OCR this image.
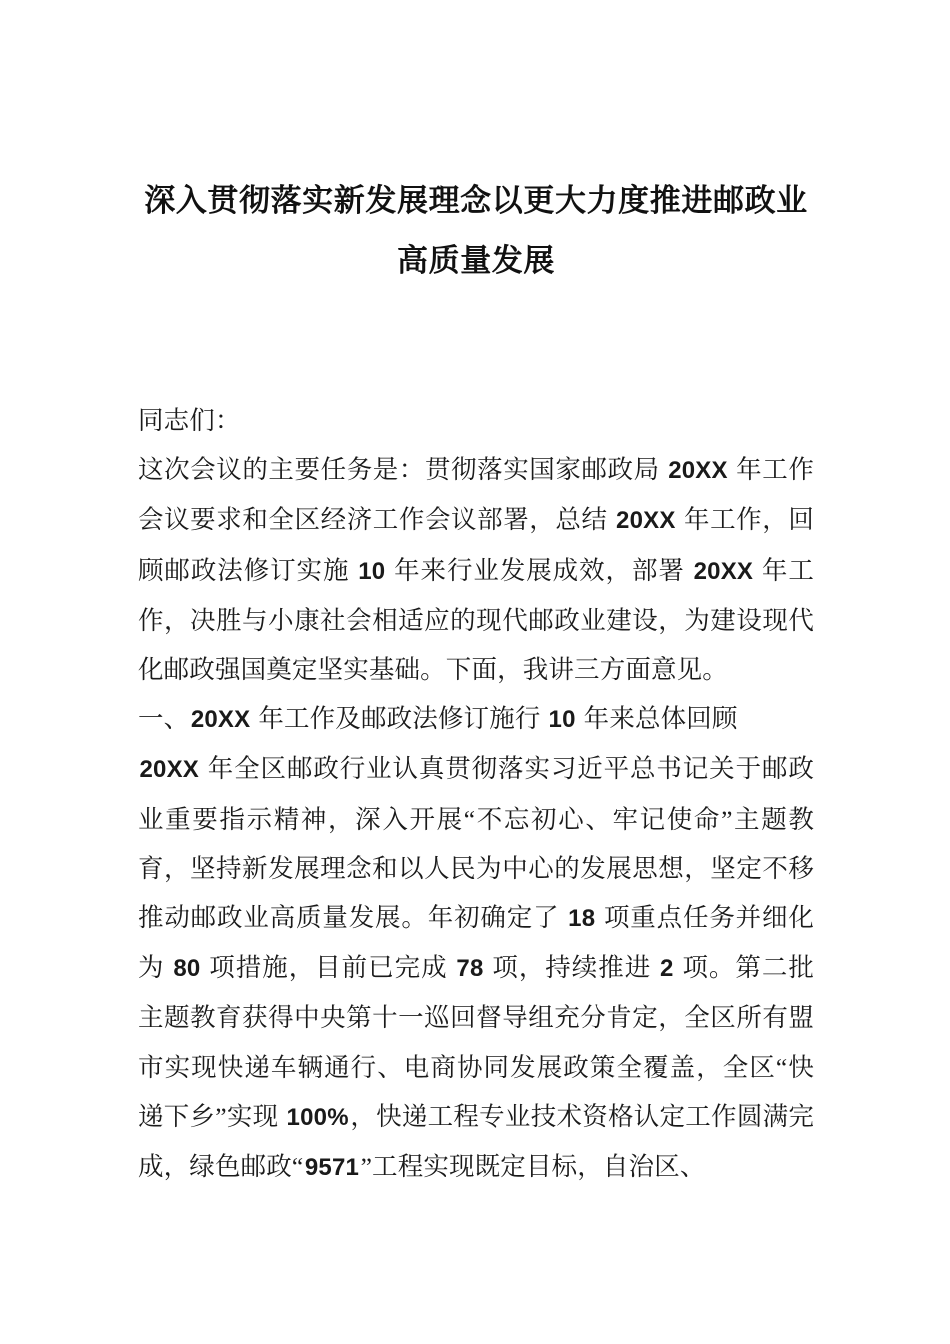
深入贯彻落实新发展理念以更大力度推进邮政业高质量发展

同志们：

这次会议的主要任务是：贯彻落实国家邮政局 20XX 年工作会议要求和全区经济工作会议部署，总结 20XX 年工作，回顾邮政法修订实施 10 年来行业发展成效，部署 20XX 年工作，决胜与小康社会相适应的现代邮政业建设，为建设现代化邮政强国奠定坚实基础。下面，我讲三方面意见。

一、20XX 年工作及邮政法修订施行 10 年来总体回顾

20XX 年全区邮政行业认真贯彻落实习近平总书记关于邮政业重要指示精神，深入开展“不忘初心、牢记使命”主题教育，坚持新发展理念和以人民为中心的发展思想，坚定不移推动邮政业高质量发展。年初确定了 18 项重点任务并细化为 80 项措施，目前已完成 78 项，持续推进 2 项。第二批主题教育获得中央第十一巡回督导组充分肯定，全区所有盟市实现快递车辆通行、电商协同发展政策全覆盖，全区“快递下乡”实现 100%，快递工程专业技术资格认定工作圆满完成，绿色邮政“9571”工程实现既定目标，自治区、
